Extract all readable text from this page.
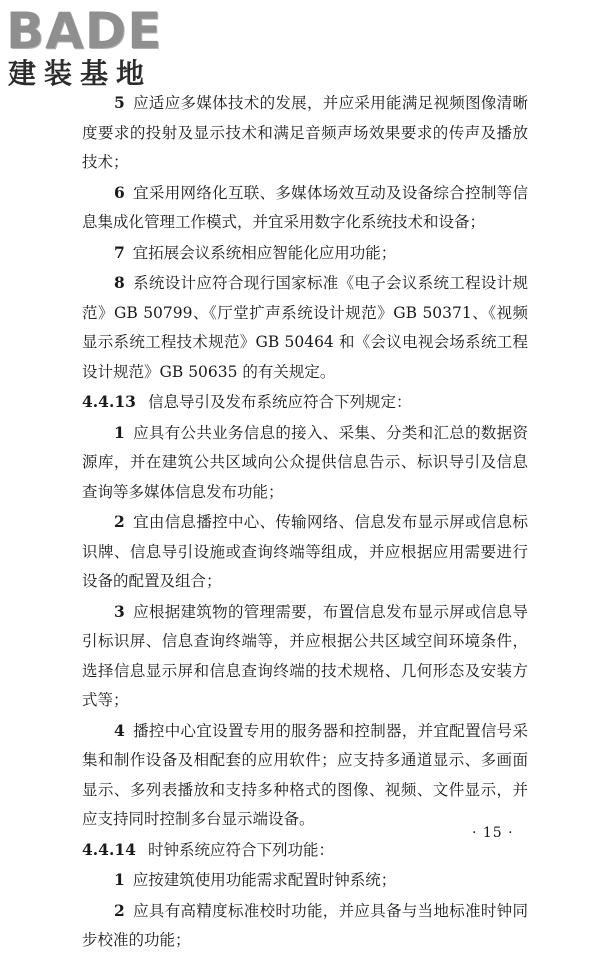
BADE
建装基地

5 应适应多媒体技术的发展，并应采用能满足视频图像清晰度要求的投射及显示技术和满足音频声场效果要求的传声及播放技术；

6 宜采用网络化互联、多媒体场效互动及设备综合控制等信息集成化管理工作模式，并宜采用数字化系统技术和设备；

7 宜拓展会议系统相应智能化应用功能；

8 系统设计应符合现行国家标准《电子会议系统工程设计规范》GB 50799、《厅堂扩声系统设计规范》GB 50371、《视频显示系统工程技术规范》GB 50464 和《会议电视会场系统工程设计规范》GB 50635 的有关规定。

4.4.13 信息导引及发布系统应符合下列规定：

1 应具有公共业务信息的接入、采集、分类和汇总的数据资源库，并在建筑公共区域向公众提供信息告示、标识导引及信息查询等多媒体信息发布功能；

2 宜由信息播控中心、传输网络、信息发布显示屏或信息标识牌、信息导引设施或查询终端等组成，并应根据应用需要进行设备的配置及组合；

3 应根据建筑物的管理需要，布置信息发布显示屏或信息导引标识屏、信息查询终端等，并应根据公共区域空间环境条件，选择信息显示屏和信息查询终端的技术规格、几何形态及安装方式等；

4 播控中心宜设置专用的服务器和控制器，并宜配置信号采集和制作设备及相配套的应用软件；应支持多通道显示、多画面显示、多列表播放和支持多种格式的图像、视频、文件显示，并应支持同时控制多台显示端设备。

4.4.14 时钟系统应符合下列功能：

1 应按建筑使用功能需求配置时钟系统；

2 应具有高精度标准校时功能，并应具备与当地标准时钟同步校准的功能；

· 15 ·
